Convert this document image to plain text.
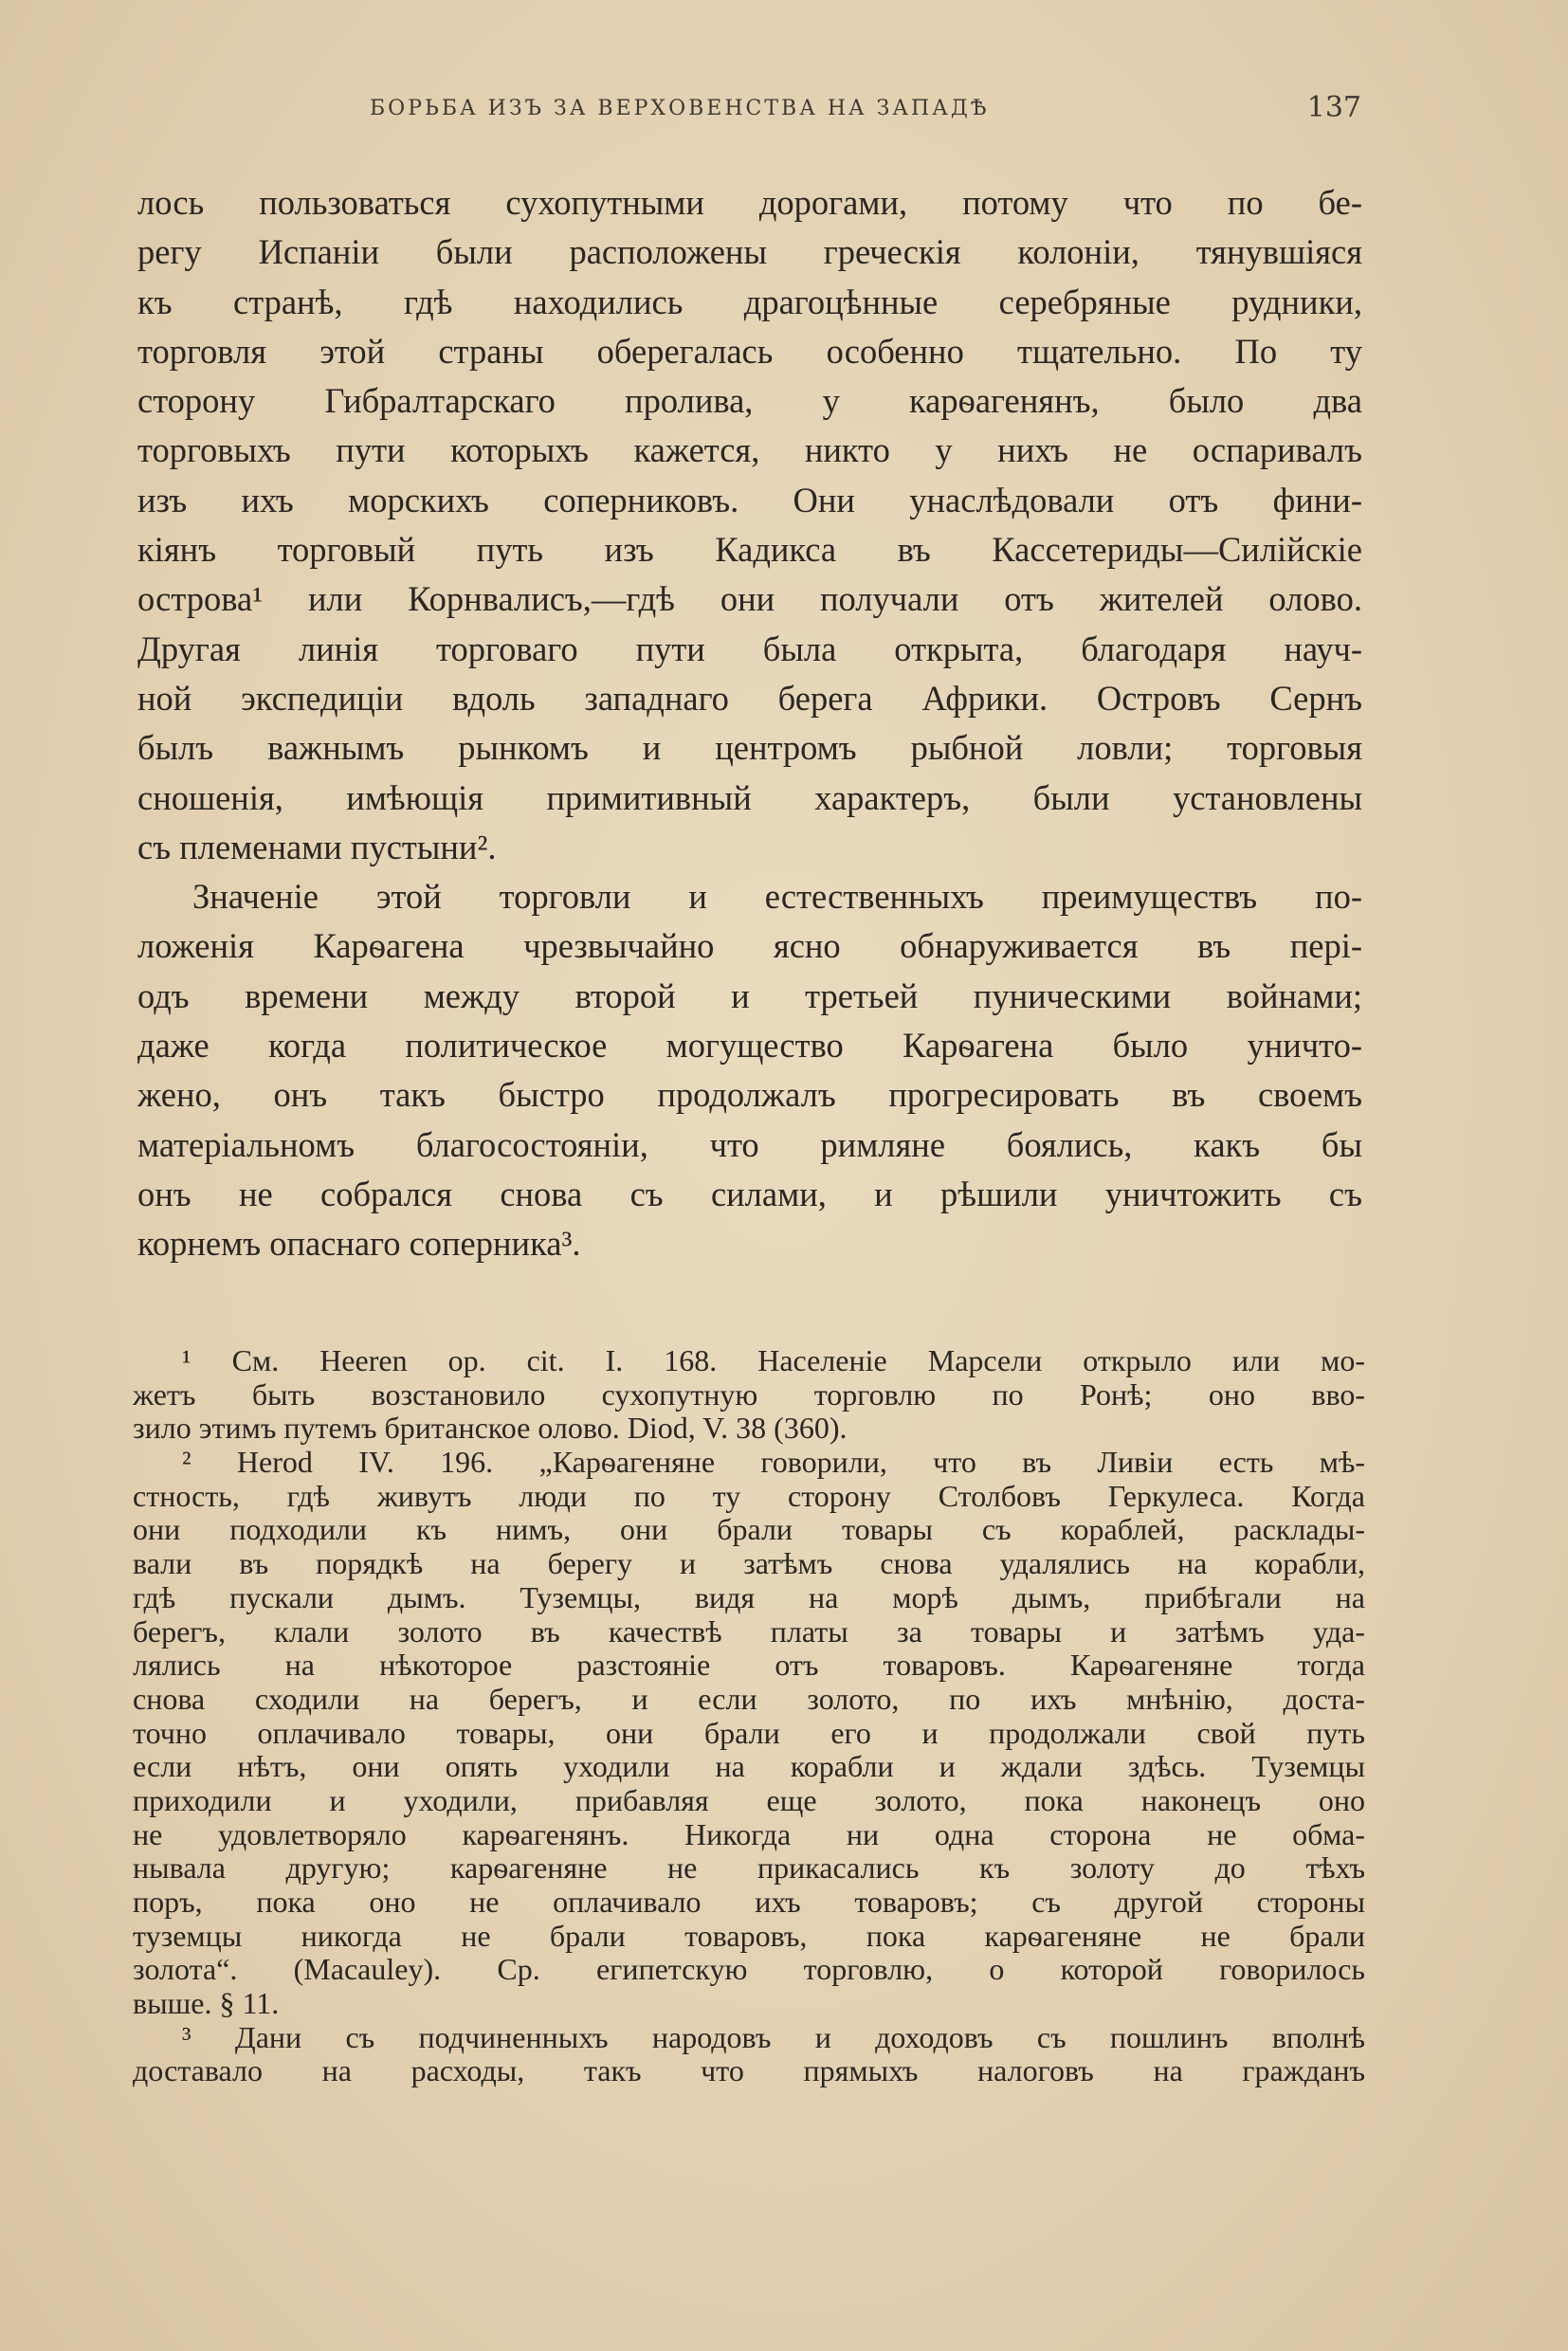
БОРЬБА ИЗЪ ЗА ВЕРХОВЕНСТВА НА ЗАПАДѢ	137
лось пользоваться сухопутными дорогами, потому что по бе-
регу Испаніи были расположены греческія колоніи, тянувшіяся
къ странѣ, гдѣ находились драгоцѣнные серебряные рудники,
торговля этой страны оберегалась особенно тщательно. По ту
сторону Гибралтарскаго пролива, у карѳагенянъ, было два
торговыхъ пути которыхъ кажется, никто у нихъ не оспаривалъ
изъ ихъ морскихъ соперниковъ. Они унаслѣдовали отъ фини-
кіянъ торговый путь изъ Кадикса въ Кассетериды—Силійскіе
острова¹ или Корнвалисъ,—гдѣ они получали отъ жителей олово.
Другая линія торговаго пути была открыта, благодаря науч-
ной экспедиціи вдоль западнаго берега Африки. Островъ Сернъ
былъ важнымъ рынкомъ и центромъ рыбной ловли; торговыя
сношенія, имѣющія примитивный характеръ, были установлены
съ племенами пустыни².
Значеніе этой торговли и естественныхъ преимуществъ по-
ложенія Карѳагена чрезвычайно ясно обнаруживается въ пері-
одъ времени между второй и третьей пуническими войнами;
даже когда политическое могущество Карѳагена было уничто-
жено, онъ такъ быстро продолжалъ прогресировать въ своемъ
матеріальномъ благосостояніи, что римляне боялись, какъ бы
онъ не собрался снова съ силами, и рѣшили уничтожить съ
корнемъ опаснаго соперника³.
¹ См. Heeren op. cit. I. 168. Населеніе Марсели открыло или мо-
жетъ быть возстановило сухопутную торговлю по Ронѣ; оно вво-
зило этимъ путемъ британское олово. Diod, V. 38 (360).
² Herod IV. 196. „Карѳагеняне говорили, что въ Ливіи есть мѣ-
стность, гдѣ живутъ люди по ту сторону Столбовъ Геркулеса. Когда
они подходили къ нимъ, они брали товары съ кораблей, расклады-
вали въ порядкѣ на берегу и затѣмъ снова удалялись на корабли,
гдѣ пускали дымъ. Туземцы, видя на морѣ дымъ, прибѣгали на
берегъ, клали золото въ качествѣ платы за товары и затѣмъ уда-
лялись на нѣкоторое разстояніе отъ товаровъ. Карѳагеняне тогда
снова сходили на берегъ, и если золото, по ихъ мнѣнію, доста-
точно оплачивало товары, они брали его и продолжали свой путь
если нѣтъ, они опять уходили на корабли и ждали здѣсь. Туземцы
приходили и уходили, прибавляя еще золото, пока наконецъ оно
не удовлетворяло карѳагенянъ. Никогда ни одна сторона не обма-
нывала другую; карѳагеняне не прикасались къ золоту до тѣхъ
поръ, пока оно не оплачивало ихъ товаровъ; съ другой стороны
туземцы никогда не брали товаровъ, пока карѳагеняне не брали
золота“. (Macauley). Ср. египетскую торговлю, о которой говорилось
выше. § 11.
³ Дани съ подчиненныхъ народовъ и доходовъ съ пошлинъ вполнѣ
доставало на расходы, такъ что прямыхъ налоговъ на гражданъ
